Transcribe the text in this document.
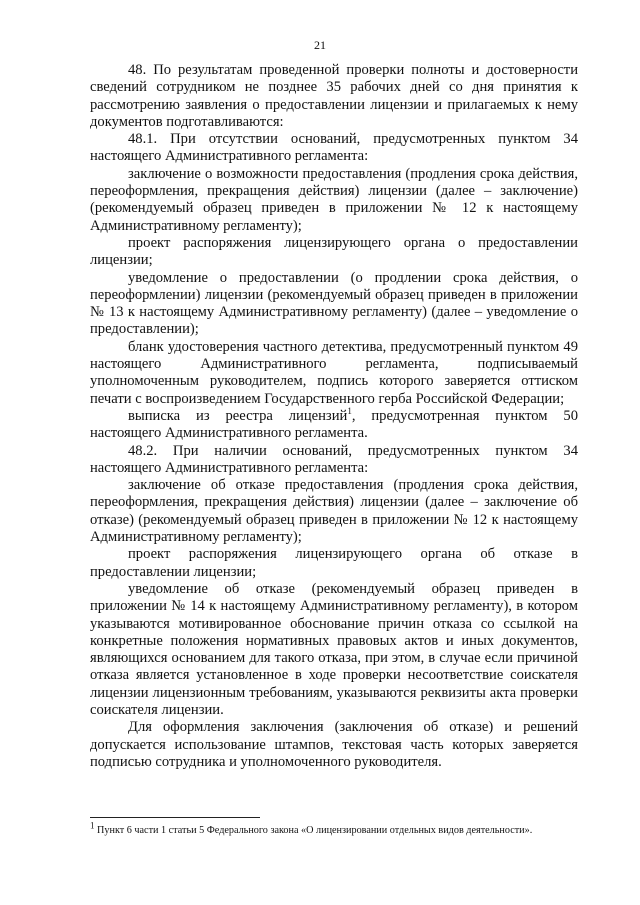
21

48. По результатам проведенной проверки полноты и достоверности сведений сотрудником не позднее 35 рабочих дней со дня принятия к рассмотрению заявления о предоставлении лицензии и прилагаемых к нему документов подготавливаются:

48.1. При отсутствии оснований, предусмотренных пунктом 34 настоящего Административного регламента:

заключение о возможности предоставления (продления срока действия, переоформления, прекращения действия) лицензии (далее – заключение) (рекомендуемый образец приведен в приложении № 12 к настоящему Административному регламенту);

проект распоряжения лицензирующего органа о предоставлении лицензии;

уведомление о предоставлении (о продлении срока действия, о переоформлении) лицензии (рекомендуемый образец приведен в приложении № 13 к настоящему Административному регламенту) (далее – уведомление о предоставлении);

бланк удостоверения частного детектива, предусмотренный пунктом 49 настоящего Административного регламента, подписываемый уполномоченным руководителем, подпись которого заверяется оттиском печати с воспроизведением Государственного герба Российской Федерации;

выписка из реестра лицензий$^1$, предусмотренная пунктом 50 настоящего Административного регламента.

48.2. При наличии оснований, предусмотренных пунктом 34 настоящего Административного регламента:

заключение об отказе предоставления (продления срока действия, переоформления, прекращения действия) лицензии (далее – заключение об отказе) (рекомендуемый образец приведен в приложении № 12 к настоящему Административному регламенту);

проект распоряжения лицензирующего органа об отказе в предоставлении лицензии;

уведомление об отказе (рекомендуемый образец приведен в приложении № 14 к настоящему Административному регламенту), в котором указываются мотивированное обоснование причин отказа со ссылкой на конкретные положения нормативных правовых актов и иных документов, являющихся основанием для такого отказа, при этом, в случае если причиной отказа является установленное в ходе проверки несоответствие соискателя лицензии лицензионным требованиям, указываются реквизиты акта проверки соискателя лицензии.

Для оформления заключения (заключения об отказе) и решений допускается использование штампов, текстовая часть которых заверяется подписью сотрудника и уполномоченного руководителя.

$^1$ Пункт 6 части 1 статьи 5 Федерального закона «О лицензировании отдельных видов деятельности».
